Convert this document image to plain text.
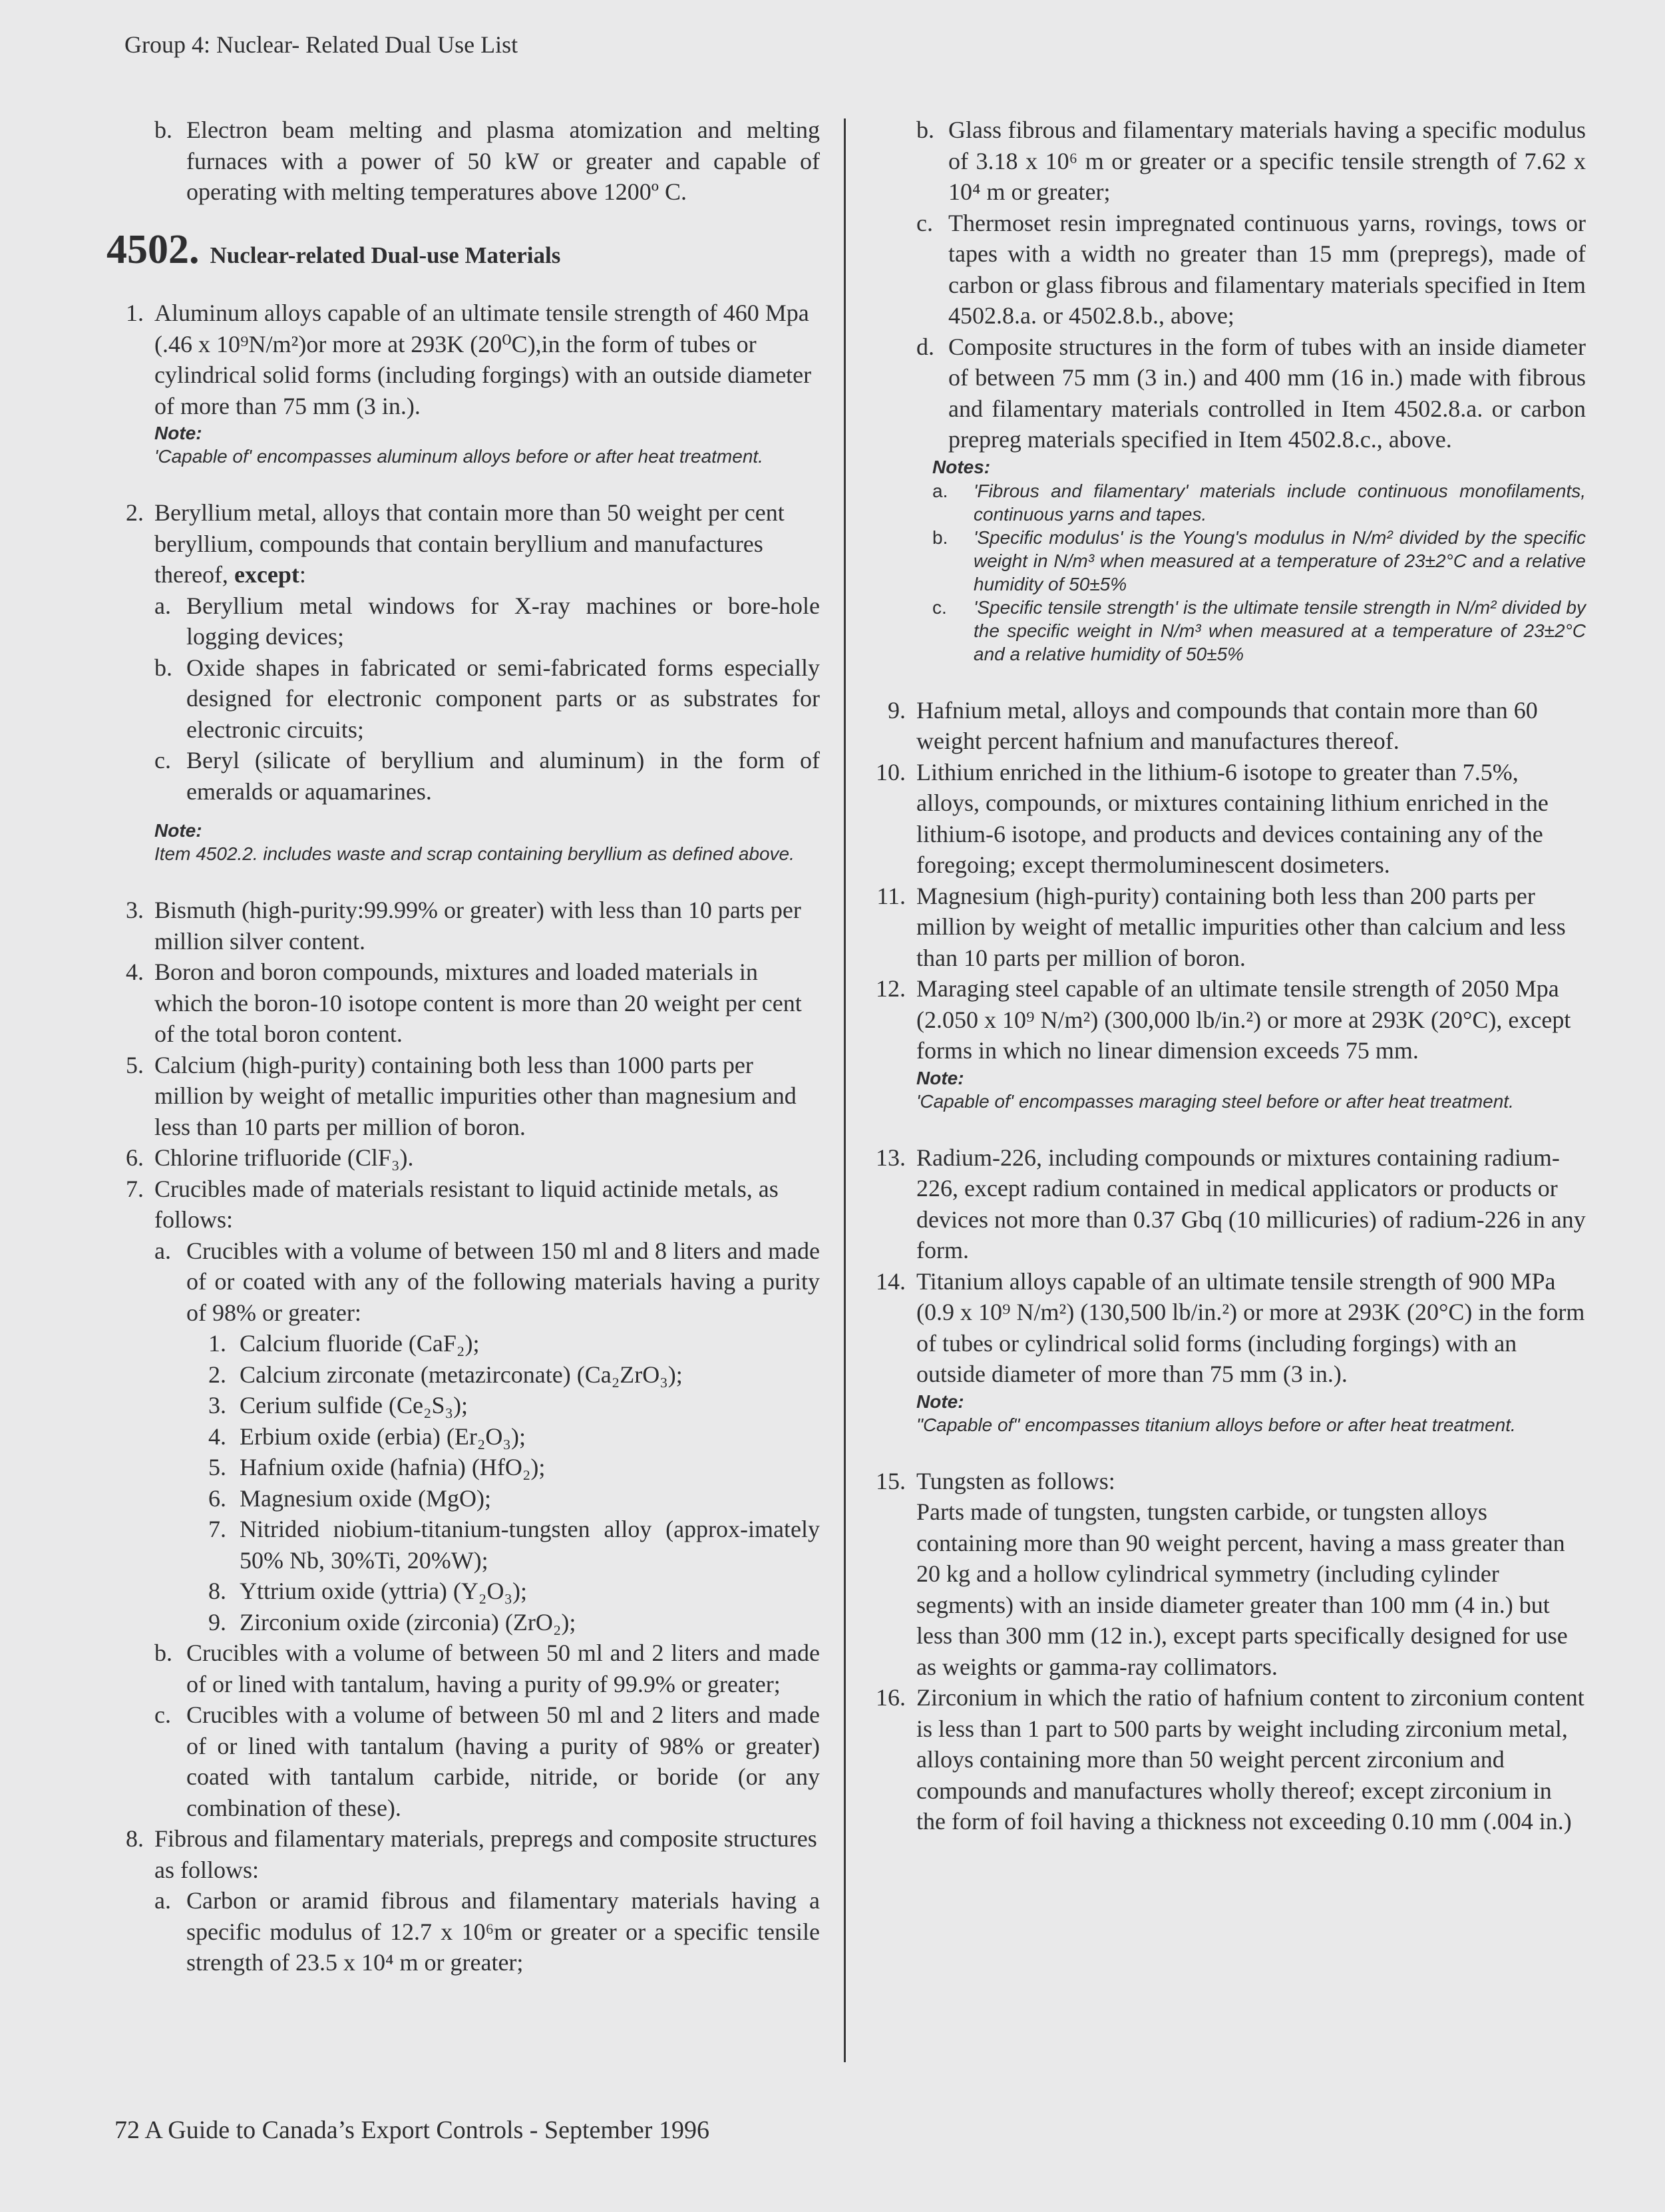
Group 4: Nuclear- Related Dual Use List
b. Electron beam melting and plasma atomization and melting furnaces with a power of 50 kW or greater and capable of operating with melting temperatures above 1200º C.
4502. Nuclear-related Dual-use Materials
1. Aluminum alloys capable of an ultimate tensile strength of 460 Mpa (.46 x 10⁹N/m²)or more at 293K (20⁰C),in the form of tubes or cylindrical solid forms (including forgings) with an outside diameter of more than 75 mm (3 in.).
Note:
'Capable of' encompasses aluminum alloys before or after heat treatment.
2. Beryllium metal, alloys that contain more than 50 weight per cent beryllium, compounds that contain beryllium and manufactures thereof, except:
a. Beryllium metal windows for X-ray machines or bore-hole logging devices;
b. Oxide shapes in fabricated or semi-fabricated forms especially designed for electronic component parts or as substrates for electronic circuits;
c. Beryl (silicate of beryllium and aluminum) in the form of emeralds or aquamarines.
Note:
Item 4502.2. includes waste and scrap containing beryllium as defined above.
3. Bismuth (high-purity:99.99% or greater) with less than 10 parts per million silver content.
4. Boron and boron compounds, mixtures and loaded materials in which the boron-10 isotope content is more than 20 weight per cent of the total boron content.
5. Calcium (high-purity) containing both less than 1000 parts per million by weight of metallic impurities other than magnesium and less than 10 parts per million of boron.
6. Chlorine trifluoride (ClF₃).
7. Crucibles made of materials resistant to liquid actinide metals, as follows:
a. Crucibles with a volume of between 150 ml and 8 liters and made of or coated with any of the following materials having a purity of 98% or greater:
1. Calcium fluoride (CaF₂);
2. Calcium zirconate (metazirconate) (Ca₂ZrO₃);
3. Cerium sulfide (Ce₂S₃);
4. Erbium oxide (erbia) (Er₂O₃);
5. Hafnium oxide (hafnia) (HfO₂);
6. Magnesium oxide (MgO);
7. Nitrided niobium-titanium-tungsten alloy (approx-imately 50% Nb, 30%Ti, 20%W);
8. Yttrium oxide (yttria) (Y₂O₃);
9. Zirconium oxide (zirconia) (ZrO₂);
b. Crucibles with a volume of between 50 ml and 2 liters and made of or lined with tantalum, having a purity of 99.9% or greater;
c. Crucibles with a volume of between 50 ml and 2 liters and made of or lined with tantalum (having a purity of 98% or greater) coated with tantalum carbide, nitride, or boride (or any combination of these).
8. Fibrous and filamentary materials, prepregs and composite structures as follows:
a. Carbon or aramid fibrous and filamentary materials having a specific modulus of 12.7 x 10⁶m or greater or a specific tensile strength of 23.5 x 10⁴ m or greater;
b. Glass fibrous and filamentary materials having a specific modulus of 3.18 x 10⁶ m or greater or a specific tensile strength of 7.62 x 10⁴ m or greater;
c. Thermoset resin impregnated continuous yarns, rovings, tows or tapes with a width no greater than 15 mm (prepregs), made of carbon or glass fibrous and filamentary materials specified in Item 4502.8.a. or 4502.8.b., above;
d. Composite structures in the form of tubes with an inside diameter of between 75 mm (3 in.) and 400 mm (16 in.) made with fibrous and filamentary materials controlled in Item 4502.8.a. or carbon prepreg materials specified in Item 4502.8.c., above.
Notes:
a. 'Fibrous and filamentary' materials include continuous monofilaments, continuous yarns and tapes.
b. 'Specific modulus' is the Young's modulus in N/m² divided by the specific weight in N/m³ when measured at a temperature of 23±2°C and a relative humidity of 50±5%
c. 'Specific tensile strength' is the ultimate tensile strength in N/m² divided by the specific weight in N/m³ when measured at a temperature of 23±2°C and a relative humidity of 50±5%
9. Hafnium metal, alloys and compounds that contain more than 60 weight percent hafnium and manufactures thereof.
10. Lithium enriched in the lithium-6 isotope to greater than 7.5%, alloys, compounds, or mixtures containing lithium enriched in the lithium-6 isotope, and products and devices containing any of the foregoing; except thermoluminescent dosimeters.
11. Magnesium (high-purity) containing both less than 200 parts per million by weight of metallic impurities other than calcium and less than 10 parts per million of boron.
12. Maraging steel capable of an ultimate tensile strength of 2050 Mpa (2.050 x 10⁹ N/m²) (300,000 lb/in.²) or more at 293K (20°C), except forms in which no linear dimension exceeds 75 mm.
Note:
'Capable of' encompasses maraging steel before or after heat treatment.
13. Radium-226, including compounds or mixtures containing radium-226, except radium contained in medical applicators or products or devices not more than 0.37 Gbq (10 millicuries) of radium-226 in any form.
14. Titanium alloys capable of an ultimate tensile strength of 900 MPa (0.9 x 10⁹ N/m²) (130,500 lb/in.²) or more at 293K (20°C) in the form of tubes or cylindrical solid forms (including forgings) with an outside diameter of more than 75 mm (3 in.).
Note:
"Capable of" encompasses titanium alloys before or after heat treatment.
15. Tungsten as follows:
Parts made of tungsten, tungsten carbide, or tungsten alloys containing more than 90 weight percent, having a mass greater than 20 kg and a hollow cylindrical symmetry (including cylinder segments) with an inside diameter greater than 100 mm (4 in.) but less than 300 mm (12 in.), except parts specifically designed for use as weights or gamma-ray collimators.
16. Zirconium in which the ratio of hafnium content to zirconium content is less than 1 part to 500 parts by weight including zirconium metal, alloys containing more than 50 weight percent zirconium and compounds and manufactures wholly thereof; except zirconium in the form of foil having a thickness not exceeding 0.10 mm (.004 in.)
72 A Guide to Canada’s Export Controls - September 1996
